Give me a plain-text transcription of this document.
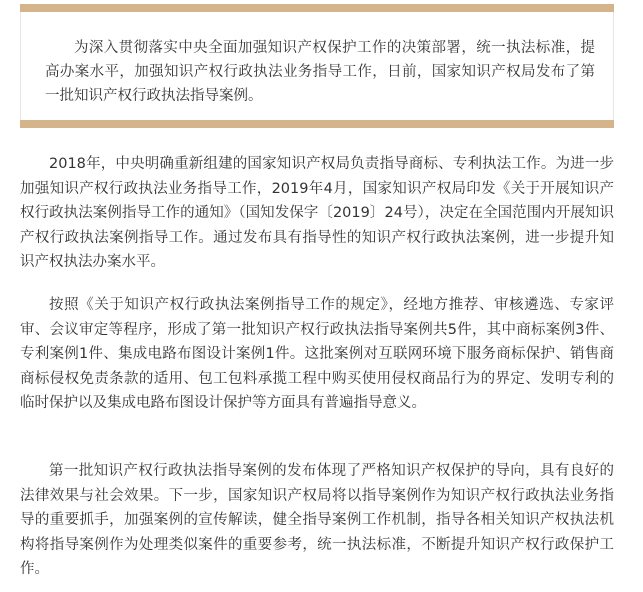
为深入贯彻落实中央全面加强知识产权保护工作的决策部署，统一执法标准，提高办案水平，加强知识产权行政执法业务指导工作，日前，国家知识产权局发布了第一批知识产权行政执法指导案例。

2018年，中央明确重新组建的国家知识产权局负责指导商标、专利执法工作。为进一步加强知识产权行政执法业务指导工作，2019年4月，国家知识产权局印发《关于开展知识产权行政执法案例指导工作的通知》（国知发保字〔2019〕24号），决定在全国范围内开展知识产权行政执法案例指导工作。通过发布具有指导性的知识产权行政执法案例，进一步提升知识产权执法办案水平。

按照《关于知识产权行政执法案例指导工作的规定》，经地方推荐、审核遴选、专家评审、会议审定等程序，形成了第一批知识产权行政执法指导案例共5件，其中商标案例3件、专利案例1件、集成电路布图设计案例1件。这批案例对互联网环境下服务商标保护、销售商商标侵权免责条款的适用、包工包料承揽工程中购买使用侵权商品行为的界定、发明专利的临时保护以及集成电路布图设计保护等方面具有普遍指导意义。

第一批知识产权行政执法指导案例的发布体现了严格知识产权保护的导向，具有良好的法律效果与社会效果。下一步，国家知识产权局将以指导案例作为知识产权行政执法业务指导的重要抓手，加强案例的宣传解读，健全指导案例工作机制，指导各相关知识产权执法机构将指导案例作为处理类似案件的重要参考，统一执法标准，不断提升知识产权行政保护工作。
